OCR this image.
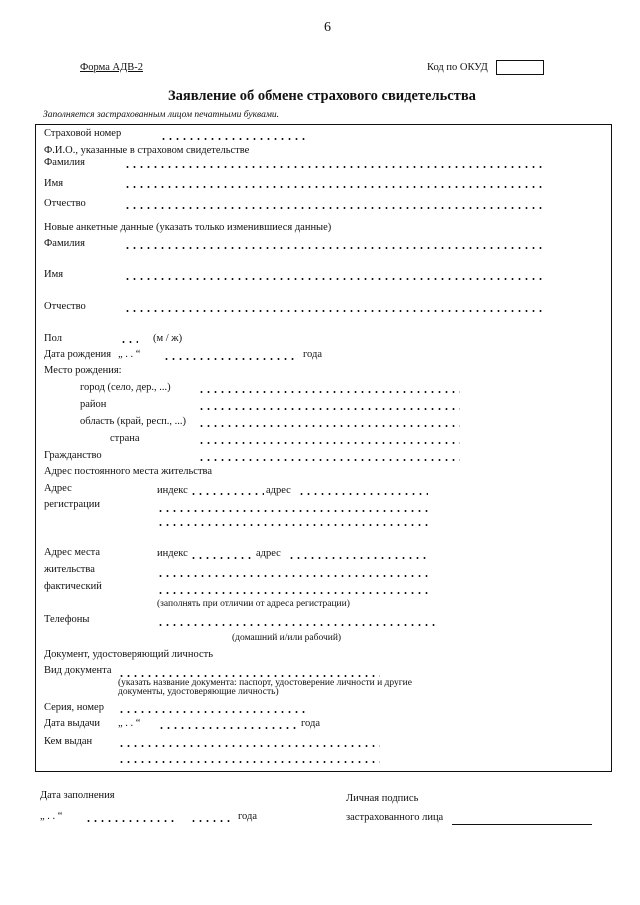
6
Форма АДВ-2	Код по ОКУД
Заявление об обмене страхового свидетельства
Заполняется застрахованным лицом печатными буквами.
Страховой номер
Ф.И.О., указанные в страховом свидетельстве
Фамилия
Имя
Отчество
Новые анкетные данные (указать только изменившиеся данные)
Фамилия
Имя
Отчество
Пол	(м / ж)
Дата рождения „ . . “	года
Место рождения:
город (село, дер., ...)
район
область (край, респ., ...)
страна
Гражданство
Адрес постоянного места жительства
Адрес
регистрации
индекс	адрес
Адрес места
жительства
фактический
индекс	адрес
(заполнять при отличии от адреса регистрации)
Телефоны
(домашний и/или рабочий)
Документ, удостоверяющий личность
Вид документа
(указать название документа: паспорт, удостоверение личности и другие
документы, удостоверяющие личность)
Серия, номер
Дата выдачи „ . . “	года
Кем выдан
Дата заполнения
„ . . “	года
Личная подпись
застрахованного лица
